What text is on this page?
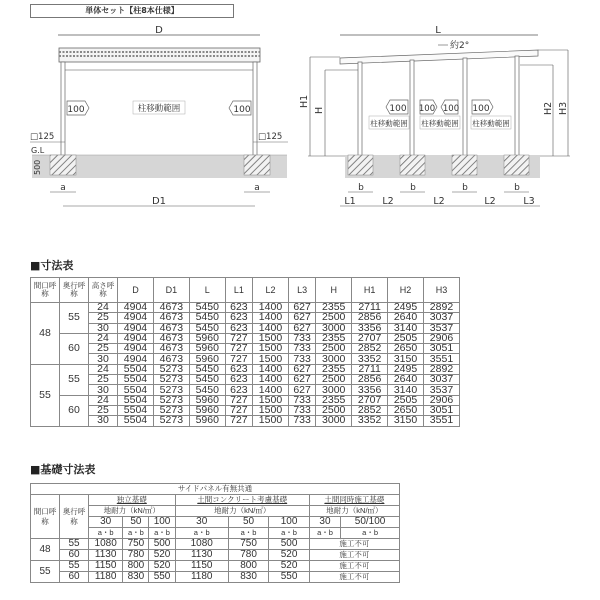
単体セット【柱8本仕様】
D
100	100
柱移動範囲
□125	□125
G.L
500
a	a
D1
L
約2°
H1
H	H2 H3
100
柱移動範囲
100 100
柱移動範囲
100
柱移動範囲
b	b	b	b
L1	L2	L2	L2	L3
■寸法表
間口呼称	奥行呼称	高さ呼称	D	D1	L	L1	L2	L3	H	H1	H2	H3
48	55	24	4904	4673	5450	623	1400	627	2355	2711	2495	2892
		25	4904	4673	5450	623	1400	627	2500	2856	2640	3037
		30	4904	4673	5450	623	1400	627	3000	3356	3140	3537
	60	24	4904	4673	5960	727	1500	733	2355	2707	2505	2906
		25	4904	4673	5960	727	1500	733	2500	2852	2650	3051
		30	4904	4673	5960	727	1500	733	3000	3352	3150	3551
55	55	24	5504	5273	5450	623	1400	627	2355	2711	2495	2892
		25	5504	5273	5450	623	1400	627	2500	2856	2640	3037
		30	5504	5273	5450	623	1400	627	3000	3356	3140	3537
	60	24	5504	5273	5960	727	1500	733	2355	2707	2505	2906
		25	5504	5273	5960	727	1500	733	2500	2852	2650	3051
		30	5504	5273	5960	727	1500	733	3000	3352	3150	3551
■基礎寸法表
サイドパネル有無共通									
間口呼称	奥行呼称	独立基礎			土間コンクリート考慮基礎			土間同時施工基礎	
		地耐力（kN/㎡）			地耐力（kN/㎡）			地耐力（kN/㎡）	
		30	50	100	30	50	100	30	50/100
		a・b	a・b	a・b	a・b	a・b	a・b	a・b	a・b
48	55	1080	750	500	1080	750	500	施工不可	
	60	1130	780	520	1130	780	520	施工不可	
55	55	1150	800	520	1150	800	520	施工不可	
	60	1180	830	550	1180	830	550	施工不可	
